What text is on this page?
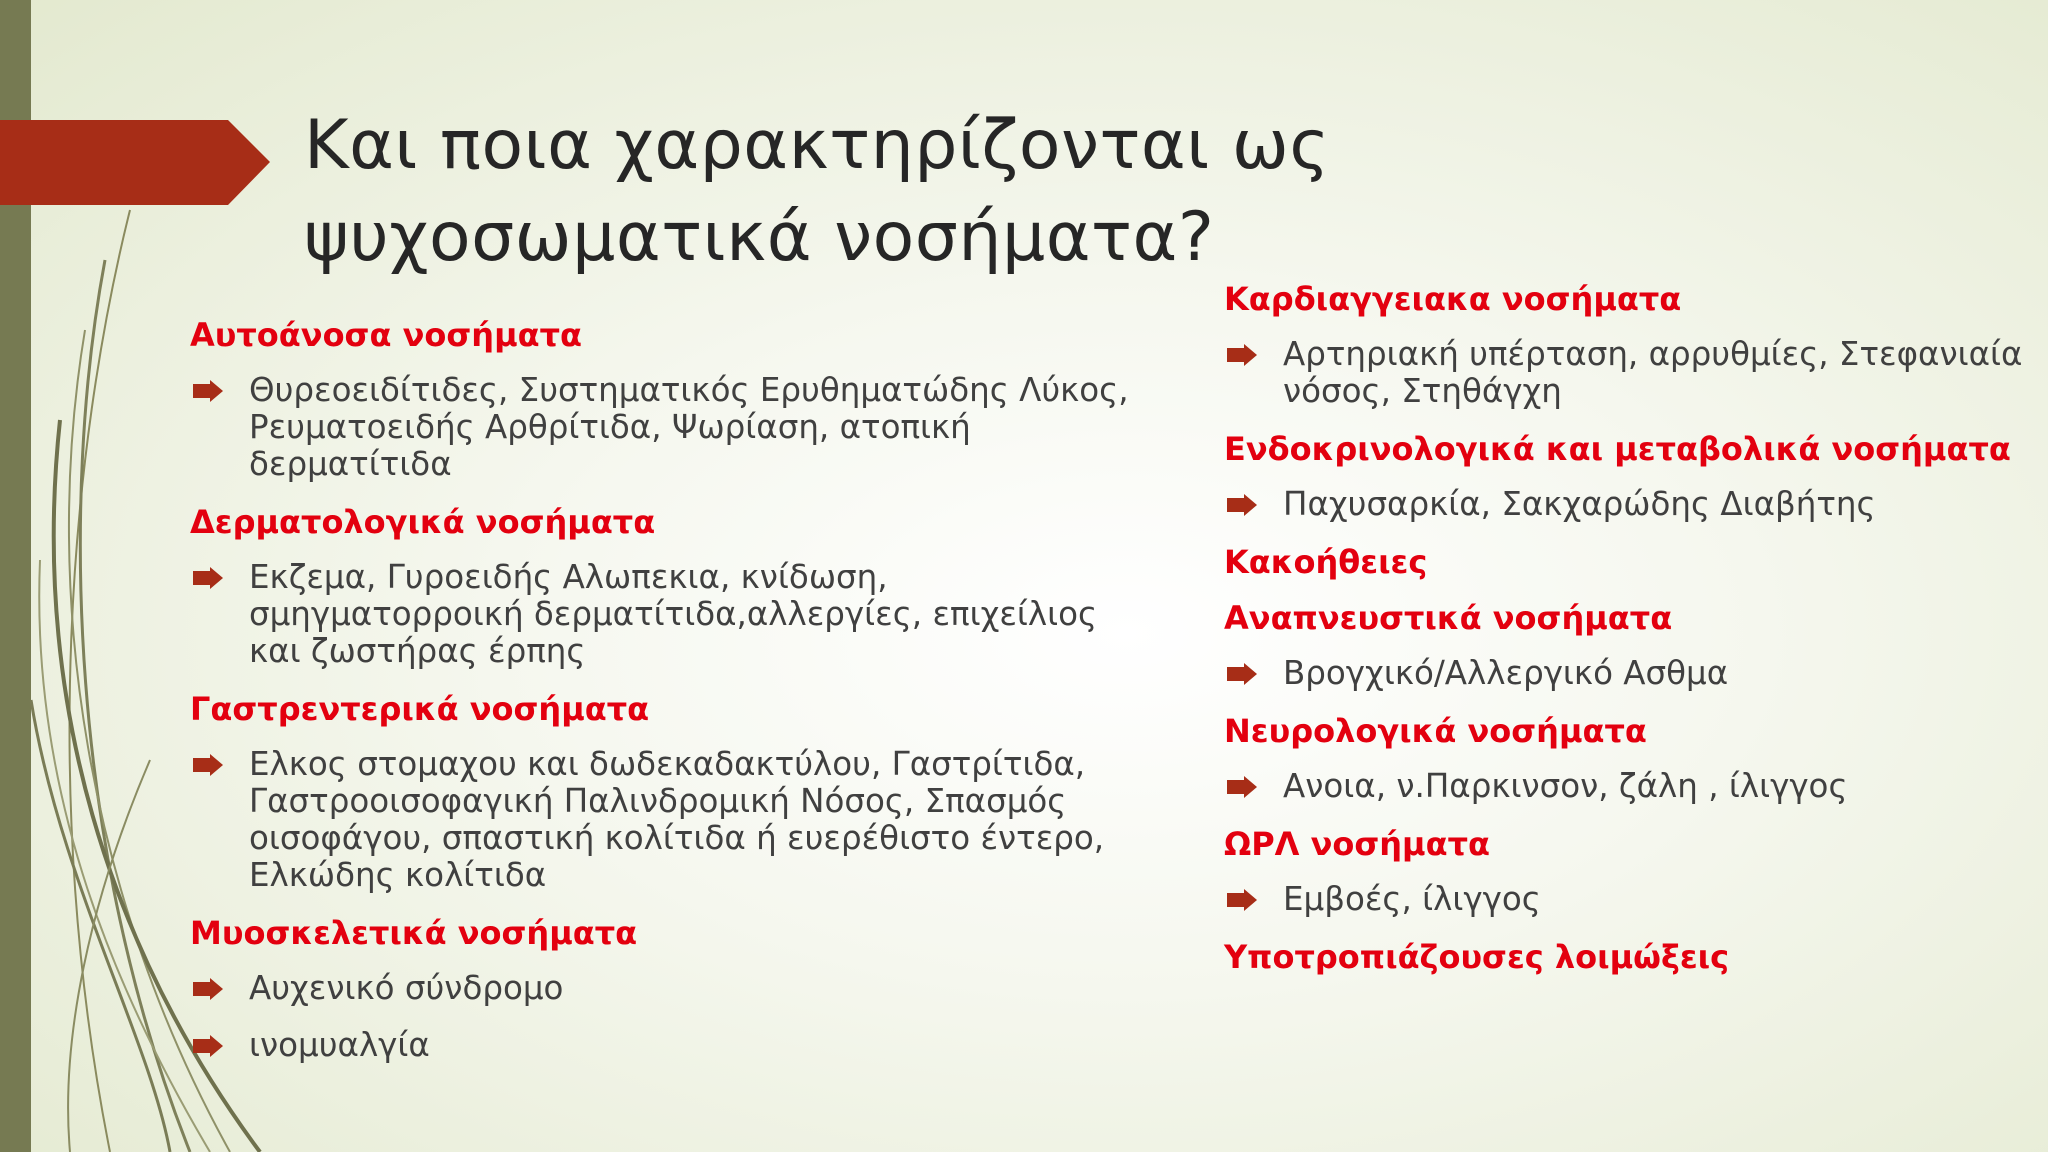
Και ποια χαρακτηρίζονται ως ψυχοσωματικά νοσήματα?
Αυτοάνοσα νοσήματα
Θυρεοειδίτιδες, Συστηματικός Ερυθηματώδης Λύκος, Ρευματοειδής Αρθρίτιδα, Ψωρίαση, ατοπική δερματίτιδα
Δερματολογικά νοσήματα
Εκζεμα, Γυροειδής Αλωπεκια, κνίδωση, σμηγματορροική δερματίτιδα,αλλεργίες, επιχείλιος και ζωστήρας έρπης
Γαστρεντερικά νοσήματα
Ελκος στομαχου και δωδεκαδακτύλου, Γαστρίτιδα, Γαστροοισοφαγική Παλινδρομική Νόσος, Σπασμός οισοφάγου, σπαστική κολίτιδα ή ευερέθιστο έντερο, Ελκώδης κολίτιδα
Μυοσκελετικά νοσήματα
Αυχενικό σύνδρομο
ινομυαλγία
Καρδιαγγειακα νοσήματα
Αρτηριακή υπέρταση, αρρυθμίες, Στεφανιαία νόσος, Στηθάγχη
Ενδοκρινολογικά και μεταβολικά νοσήματα
Παχυσαρκία, Σακχαρώδης Διαβήτης
Κακοήθειες
Αναπνευστικά νοσήματα
Βρογχικό/Αλλεργικό Ασθμα
Νευρολογικά νοσήματα
Ανοια, ν.Παρκινσον, ζάλη , ίλιγγος
ΩΡΛ νοσήματα
Εμβοές, ίλιγγος
Υποτροπιάζουσες λοιμώξεις
